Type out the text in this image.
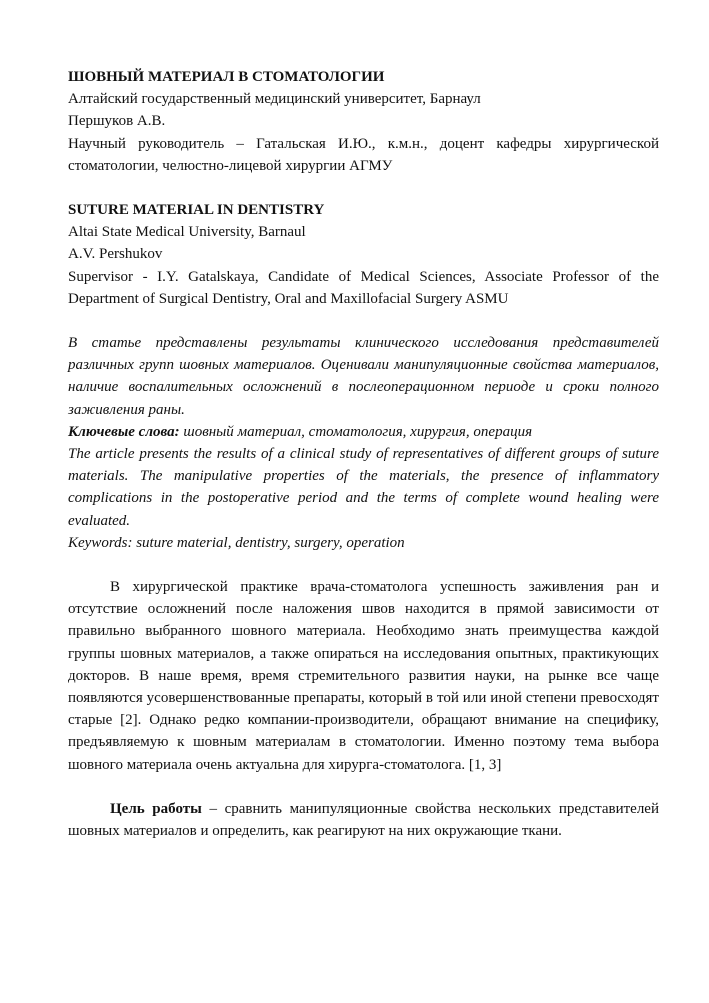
ШОВНЫЙ МАТЕРИАЛ В СТОМАТОЛОГИИ
Алтайский государственный медицинский университет, Барнаул
Першуков А.В.
Научный руководитель – Гатальская И.Ю., к.м.н., доцент кафедры хирургической стоматологии, челюстно-лицевой хирургии АГМУ
SUTURE MATERIAL IN DENTISTRY
Altai State Medical University, Barnaul
A.V. Pershukov
Supervisor - I.Y. Gatalskaya, Candidate of Medical Sciences, Associate Professor of the Department of Surgical Dentistry, Oral and Maxillofacial Surgery ASMU
В статье представлены результаты клинического исследования представителей различных групп шовных материалов. Оценивали манипуляционные свойства материалов, наличие воспалительных осложнений в послеоперационном периоде и сроки полного заживления раны.
Ключевые слова: шовный материал, стоматология, хирургия, операция
The article presents the results of a clinical study of representatives of different groups of suture materials. The manipulative properties of the materials, the presence of inflammatory complications in the postoperative period and the terms of complete wound healing were evaluated.
Keywords: suture material, dentistry, surgery, operation
В хирургической практике врача-стоматолога успешность заживления ран и отсутствие осложнений после наложения швов находится в прямой зависимости от правильно выбранного шовного материала. Необходимо знать преимущества каждой группы шовных материалов, а также опираться на исследования опытных, практикующих докторов. В наше время, время стремительного развития науки, на рынке все чаще появляются усовершенствованные препараты, который в той или иной степени превосходят старые [2]. Однако редко компании-производители, обращают внимание на специфику, предъявляемую к шовным материалам в стоматологии. Именно поэтому тема выбора шовного материала очень актуальна для хирурга-стоматолога. [1, 3]
Цель работы – сравнить манипуляционные свойства нескольких представителей шовных материалов и определить, как реагируют на них окружающие ткани.
